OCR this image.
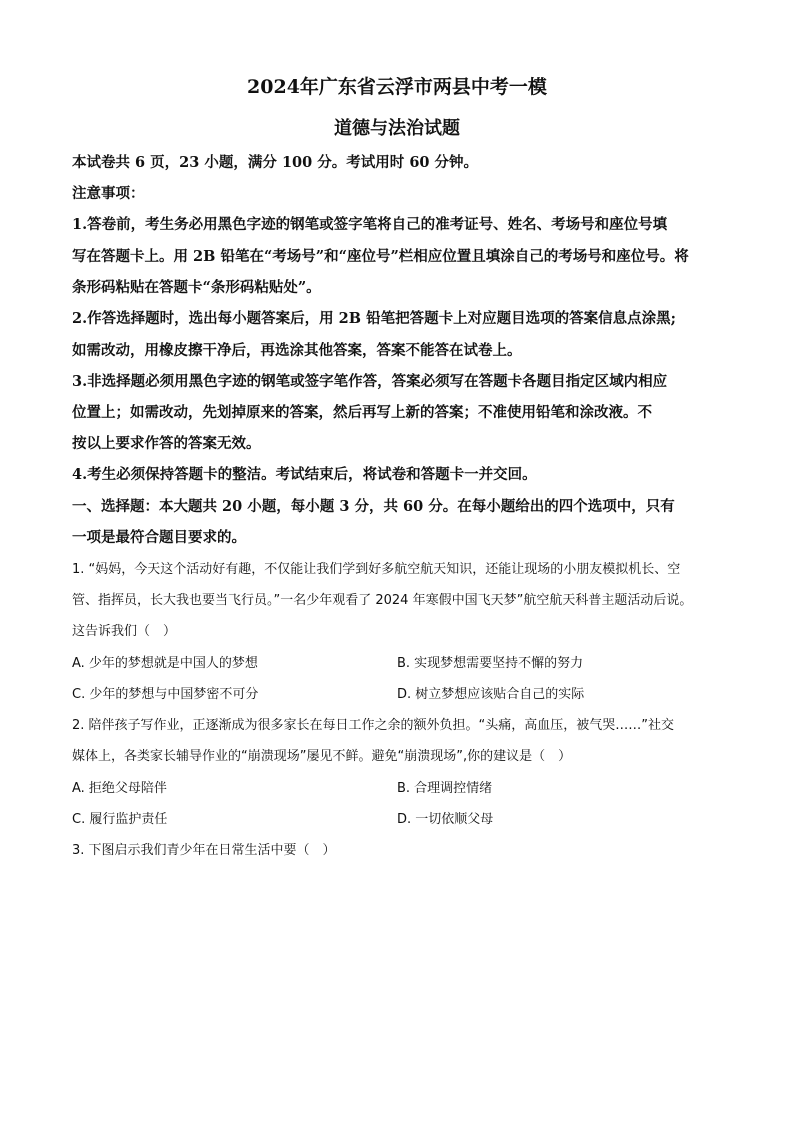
2024年广东省云浮市两县中考一模
道德与法治试题
本试卷共 6 页，23 小题，满分 100 分。考试用时 60 分钟。
注意事项：
1.答卷前，考生务必用黑色字迹的钢笔或签字笔将自己的准考证号、姓名、考场号和座位号填
写在答题卡上。用 2B 铅笔在“考场号”和“座位号”栏相应位置且填涂自己的考场号和座位号。将
条形码粘贴在答题卡“条形码粘贴处”。
2.作答选择题时，选出每小题答案后，用 2B 铅笔把答题卡上对应题目选项的答案信息点涂黑;
如需改动，用橡皮擦干净后，再选涂其他答案，答案不能答在试卷上。
3.非选择题必须用黑色字迹的钢笔或签字笔作答，答案必须写在答题卡各题目指定区域内相应
位置上；如需改动，先划掉原来的答案，然后再写上新的答案；不准使用铅笔和涂改液。不
按以上要求作答的答案无效。
4.考生必须保持答题卡的整洁。考试结束后，将试卷和答题卡一并交回。
一、选择题：本大题共 20 小题，每小题 3 分，共 60 分。在每小题给出的四个选项中，只有
一项是最符合题目要求的。
1. “妈妈，今天这个活动好有趣，不仅能让我们学到好多航空航天知识，还能让现场的小朋友模拟机长、空
管、指挥员，长大我也要当飞行员。”一名少年观看了 2024 年寒假中国飞天梦”航空航天科普主题活动后说。
这告诉我们（　）
A. 少年的梦想就是中国人的梦想	B. 实现梦想需要坚持不懈的努力
C. 少年的梦想与中国梦密不可分	D. 树立梦想应该贴合自己的实际
2. 陪伴孩子写作业，正逐渐成为很多家长在每日工作之余的额外负担。“头痛，高血压，被气哭……”社交
媒体上，各类家长辅导作业的“崩溃现场”屡见不鲜。避免“崩溃现场”,你的建议是（　）
A. 拒绝父母陪伴	B. 合理调控情绪
C. 履行监护责任	D. 一切依顺父母
3. 下图启示我们青少年在日常生活中要（　）
